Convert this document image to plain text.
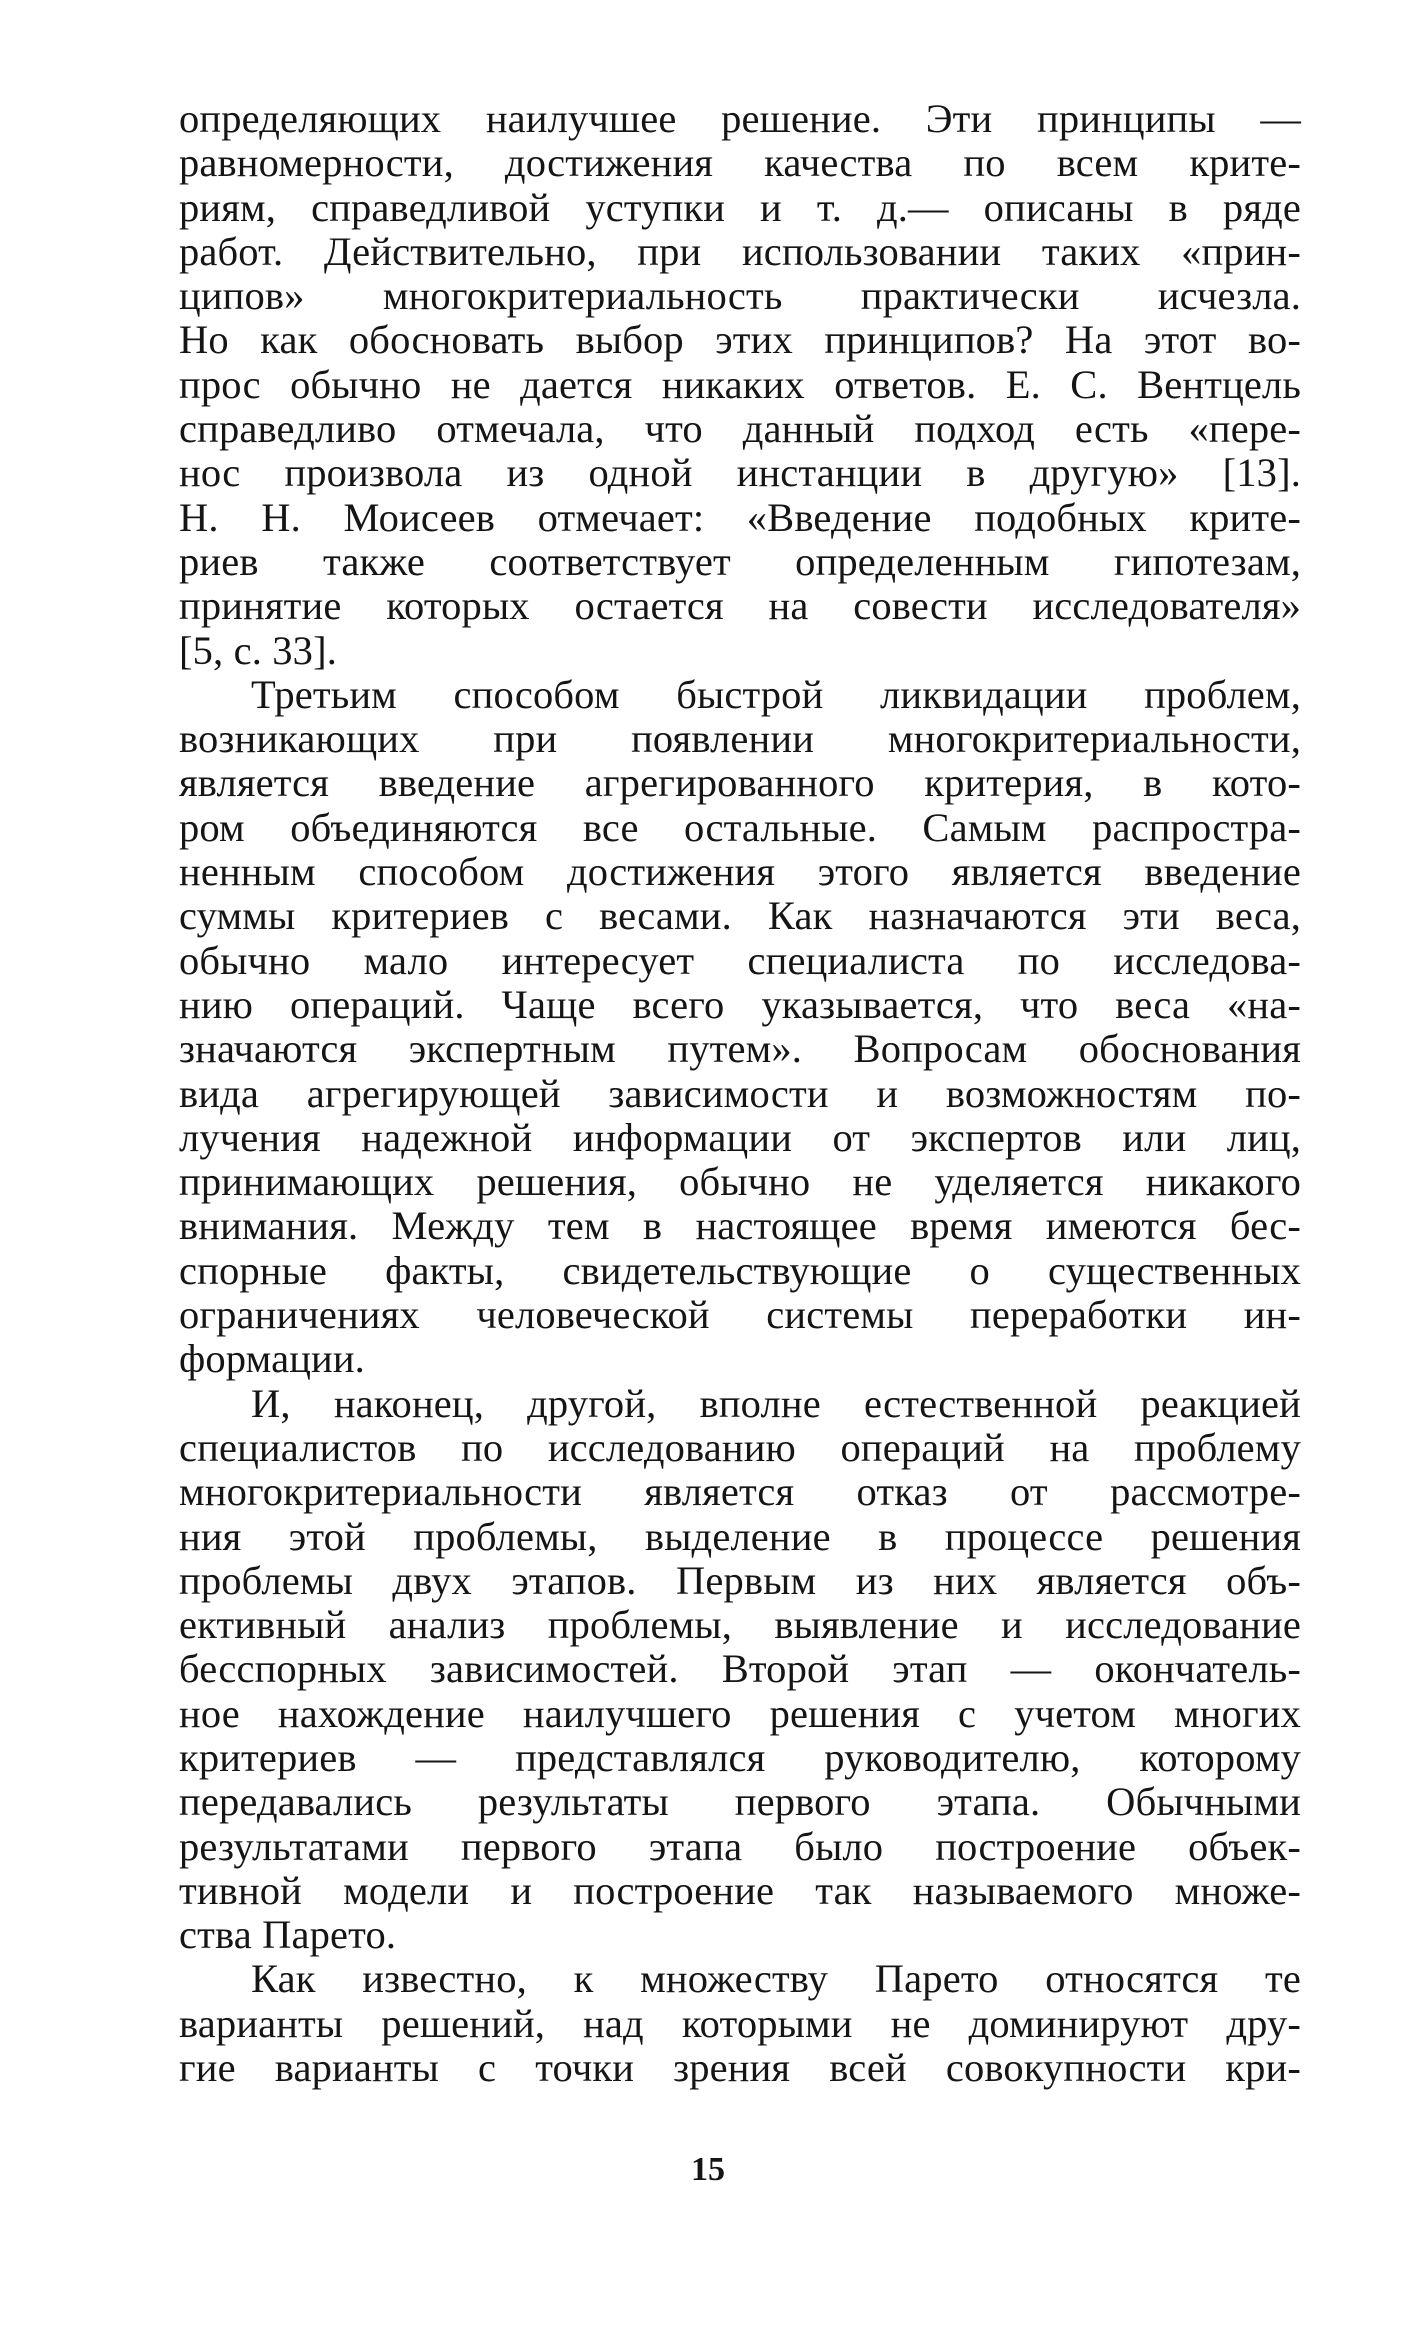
определяющих наилучшее решение. Эти принципы —
равномерности, достижения качества по всем крите-
риям, справедливой уступки и т. д.— описаны в ряде
работ. Действительно, при использовании таких «прин-
ципов» многокритериальность практически исчезла.
Но как обосновать выбор этих принципов? На этот во-
прос обычно не дается никаких ответов. Е. С. Вентцель
справедливо отмечала, что данный подход есть «пере-
нос произвола из одной инстанции в другую» [13].
Н. Н. Моисеев отмечает: «Введение подобных крите-
риев также соответствует определенным гипотезам,
принятие которых остается на совести исследователя»
[5, с. 33].
Третьим способом быстрой ликвидации проблем,
возникающих при появлении многокритериальности,
является введение агрегированного критерия, в кото-
ром объединяются все остальные. Самым распростра-
ненным способом достижения этого является введение
суммы критериев с весами. Как назначаются эти веса,
обычно мало интересует специалиста по исследова-
нию операций. Чаще всего указывается, что веса «на-
значаются экспертным путем». Вопросам обоснования
вида агрегирующей зависимости и возможностям по-
лучения надежной информации от экспертов или лиц,
принимающих решения, обычно не уделяется никакого
внимания. Между тем в настоящее время имеются бес-
спорные факты, свидетельствующие о существенных
ограничениях человеческой системы переработки ин-
формации.
И, наконец, другой, вполне естественной реакцией
специалистов по исследованию операций на проблему
многокритериальности является отказ от рассмотре-
ния этой проблемы, выделение в процессе решения
проблемы двух этапов. Первым из них является объ-
ективный анализ проблемы, выявление и исследование
бесспорных зависимостей. Второй этап — окончатель-
ное нахождение наилучшего решения с учетом многих
критериев — представлялся руководителю, которому
передавались результаты первого этапа. Обычными
результатами первого этапа было построение объек-
тивной модели и построение так называемого множе-
ства Парето.
Как известно, к множеству Парето относятся те
варианты решений, над которыми не доминируют дру-
гие варианты с точки зрения всей совокупности кри-
15
